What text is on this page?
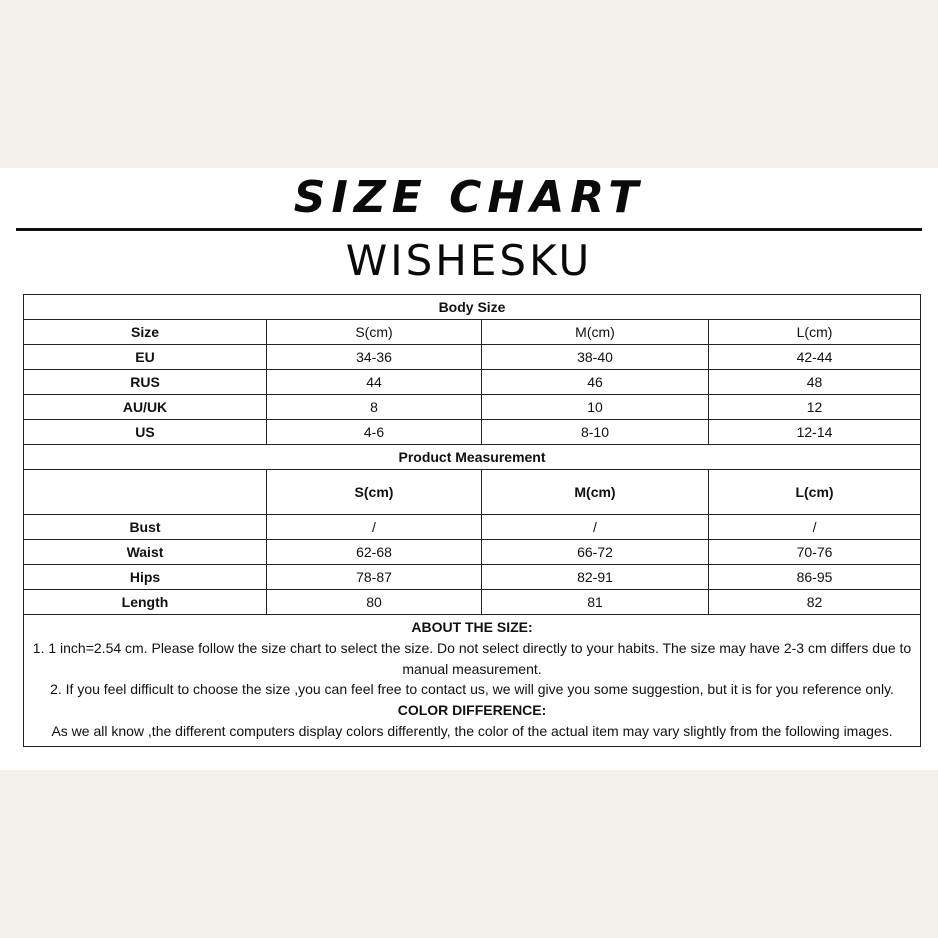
SIZE CHART
WISHESKU
Body Size			
Size	S(cm)	M(cm)	L(cm)
EU	34-36	38-40	42-44
RUS	44	46	48
AU/UK	8	10	12
US	4-6	8-10	12-14
Product Measurement			
	S(cm)	M(cm)	L(cm)
Bust	/	/	/
Waist	62-68	66-72	70-76
Hips	78-87	82-91	86-95
Length	80	81	82

ABOUT THE SIZE:
1. 1 inch=2.54 cm. Please follow the size chart to select the size. Do not select directly to your habits. The size may have 2-3 cm differs due to manual measurement.
2. If you feel difficult to choose the size ,you can feel free to contact us, we will give you some suggestion, but it is for you reference only.
COLOR DIFFERENCE:
As we all know ,the different computers display colors differently, the color of the actual item may vary slightly from the following images.			
